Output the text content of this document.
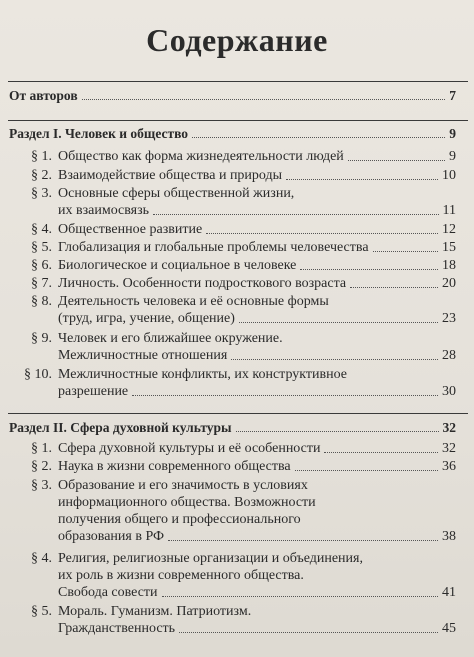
Содержание
От авторов	7
Раздел I. Человек и общество	9
§ 1. Общество как форма жизнедеятельности людей	9
§ 2. Взаимодействие общества и природы	10
§ 3. Основные сферы общественной жизни,
их взаимосвязь	11
§ 4. Общественное развитие	12
§ 5. Глобализация и глобальные проблемы человечества	15
§ 6. Биологическое и социальное в человеке	18
§ 7. Личность. Особенности подросткового возраста	20
§ 8. Деятельность человека и её основные формы
(труд, игра, учение, общение)	23
§ 9. Человек и его ближайшее окружение.
Межличностные отношения	28
§ 10. Межличностные конфликты, их конструктивное
разрешение	30
Раздел II. Сфера духовной культуры	32
§ 1. Сфера духовной культуры и её особенности	32
§ 2. Наука в жизни современного общества	36
§ 3. Образование и его значимость в условиях
информационного общества. Возможности
получения общего и профессионального
образования в РФ	38
§ 4. Религия, религиозные организации и объединения,
их роль в жизни современного общества.
Свобода совести	41
§ 5. Мораль. Гуманизм. Патриотизм.
Гражданственность	45
